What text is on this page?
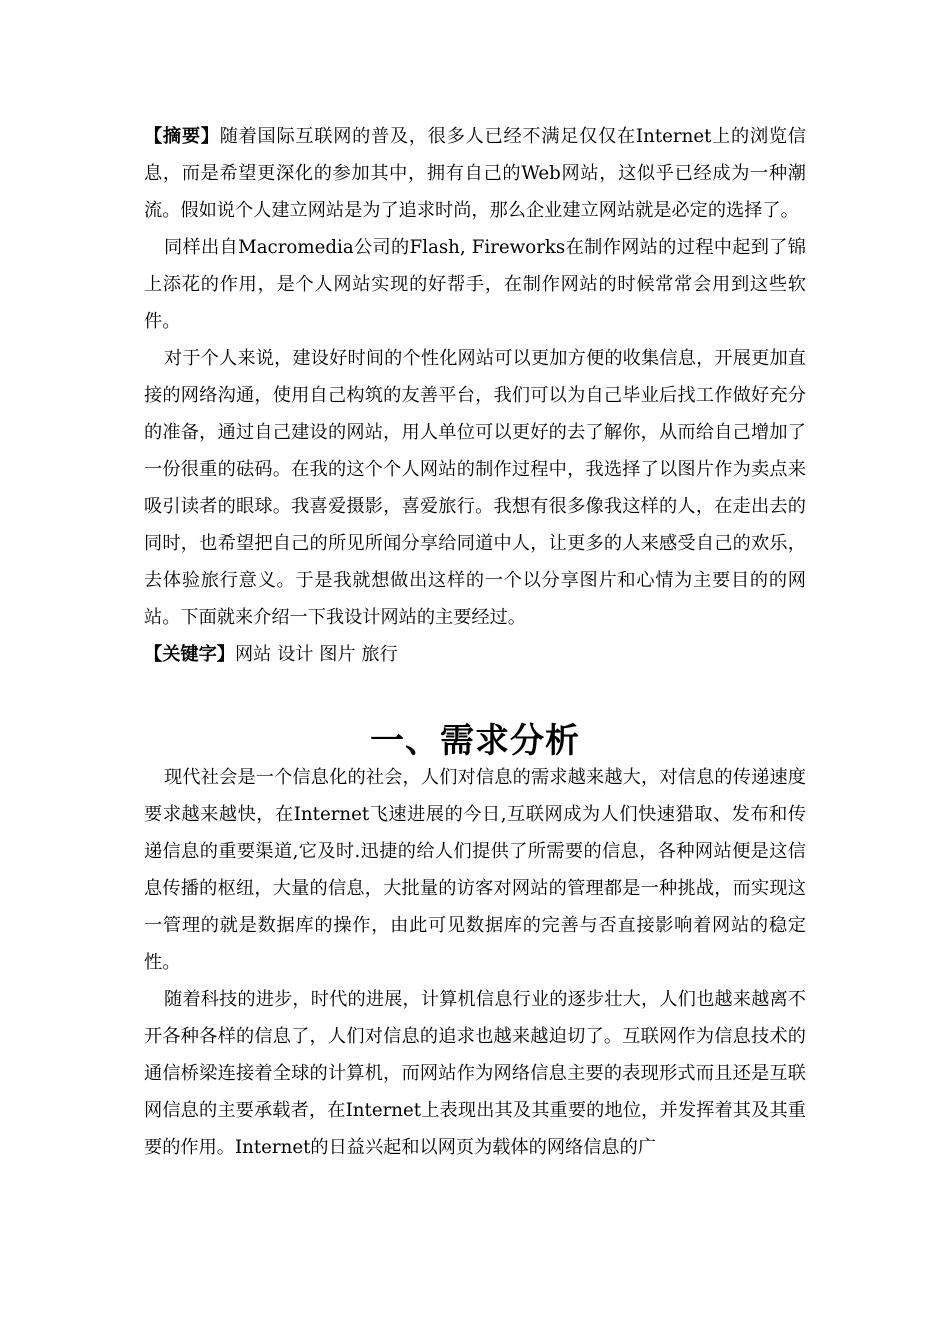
【摘要】随着国际互联网的普及，很多人已经不满足仅仅在Internet上的浏览信息，而是希望更深化的参加其中，拥有自己的Web网站，这似乎已经成为一种潮流。假如说个人建立网站是为了追求时尚，那么企业建立网站就是必定的选择了。

同样出自Macromedia公司的Flash, Fireworks在制作网站的过程中起到了锦上添花的作用，是个人网站实现的好帮手，在制作网站的时候常常会用到这些软件。

对于个人来说，建设好时间的个性化网站可以更加方便的收集信息，开展更加直接的网络沟通，使用自己构筑的友善平台，我们可以为自己毕业后找工作做好充分的准备，通过自己建设的网站，用人单位可以更好的去了解你，从而给自己增加了一份很重的砝码。在我的这个个人网站的制作过程中，我选择了以图片作为卖点来吸引读者的眼球。我喜爱摄影，喜爱旅行。我想有很多像我这样的人，在走出去的同时，也希望把自己的所见所闻分享给同道中人，让更多的人来感受自己的欢乐，去体验旅行意义。于是我就想做出这样的一个以分享图片和心情为主要目的的网站。下面就来介绍一下我设计网站的主要经过。

【关键字】网站 设计 图片 旅行

一、需求分析

现代社会是一个信息化的社会，人们对信息的需求越来越大，对信息的传递速度要求越来越快，在Internet飞速进展的今日,互联网成为人们快速猎取、发布和传递信息的重要渠道,它及时.迅捷的给人们提供了所需要的信息，各种网站便是这信息传播的枢纽，大量的信息，大批量的访客对网站的管理都是一种挑战，而实现这一管理的就是数据库的操作，由此可见数据库的完善与否直接影响着网站的稳定性。

随着科技的进步，时代的进展，计算机信息行业的逐步壮大，人们也越来越离不开各种各样的信息了，人们对信息的追求也越来越迫切了。互联网作为信息技术的通信桥梁连接着全球的计算机，而网站作为网络信息主要的表现形式而且还是互联网信息的主要承载者，在Internet上表现出其及其重要的地位，并发挥着其及其重要的作用。Internet的日益兴起和以网页为载体的网络信息的广
